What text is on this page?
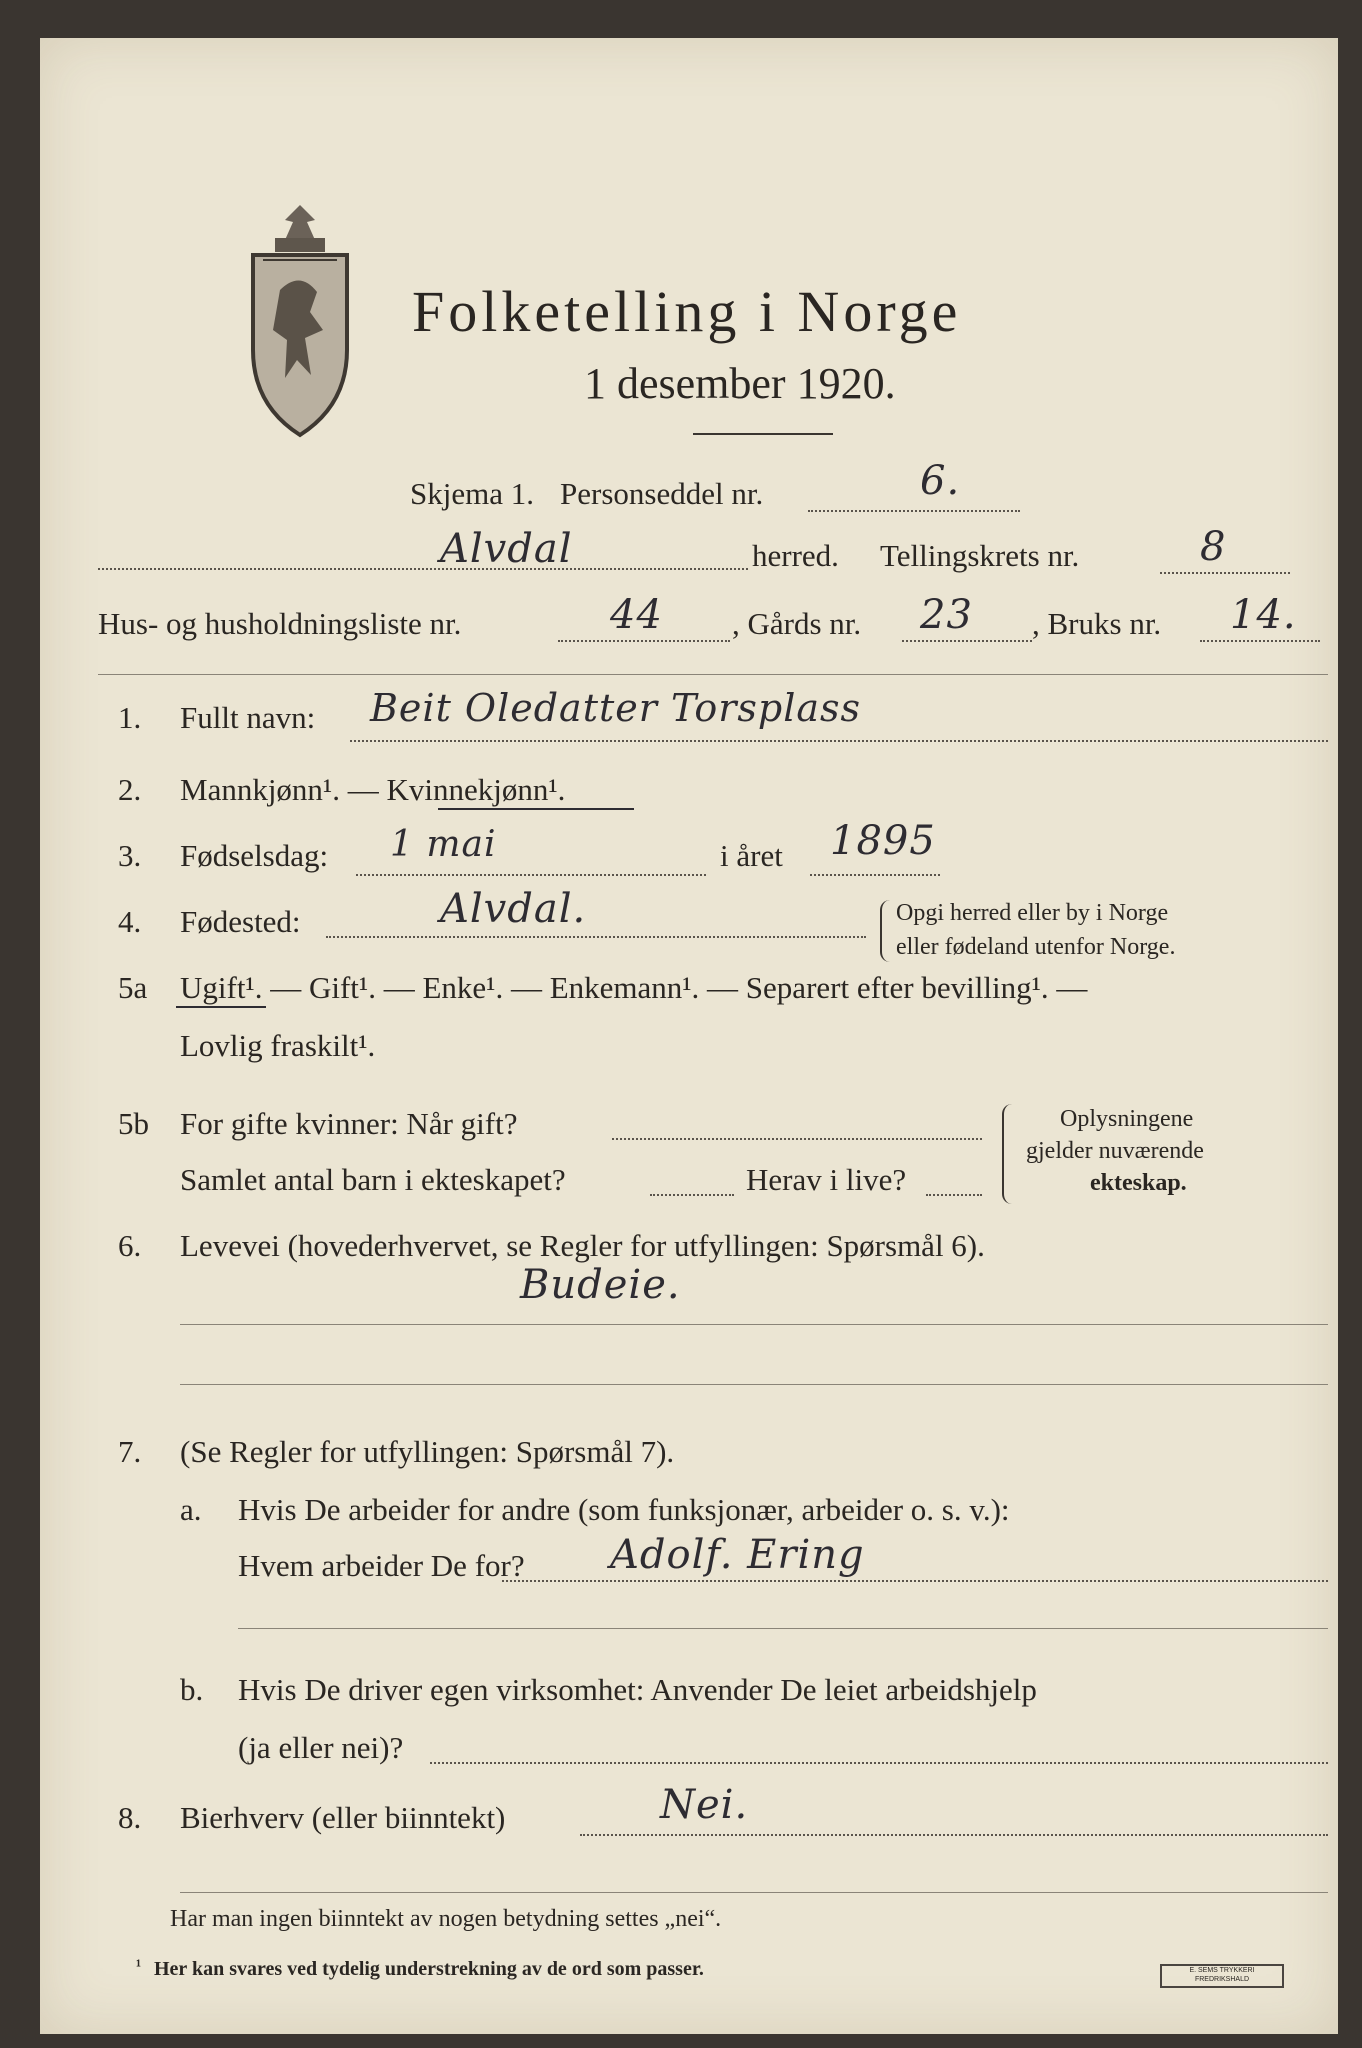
Folketelling i Norge
1 desember 1920.
Skjema 1. Personseddel nr.	6.
Alvdal	herred. Tellingskrets nr.	8
Hus- og husholdningsliste nr.	44 , Gårds nr. 23 , Bruks nr. 14.
1. Fullt navn: Beit Oledatter Torsplass
2. Mannkjønn¹. — Kvinnekjønn¹.
3. Fødselsdag: 1 mai	i året 1895
4. Fødested:	Alvdal.	Opgi herred eller by i Norge
eller fødeland utenfor Norge.
5a Ugift¹. — Gift¹. — Enke¹. — Enkemann¹. — Separert efter bevilling¹. —
Lovlig fraskilt¹.
5b For gifte kvinner: Når gift?
Samlet antal barn i ekteskapet?	Herav i live?
Oplysningene
gjelder nuværende
ekteskap.
6. Levevei (hovederhvervet, se Regler for utfyllingen: Spørsmål 6).
Budeie.
7. (Se Regler for utfyllingen: Spørsmål 7).
a. Hvis De arbeider for andre (som funksjonær, arbeider o. s. v.):
Hvem arbeider De for? Adolf. Ering
b. Hvis De driver egen virksomhet: Anvender De leiet arbeidshjelp
(ja eller nei)?
8. Bierhverv (eller biinntekt)	Nei.
Har man ingen biinntekt av nogen betydning settes „nei“.
¹ Her kan svares ved tydelig understrekning av de ord som passer.	E. SEMS TRYKKERI FREDRIKSHALD
